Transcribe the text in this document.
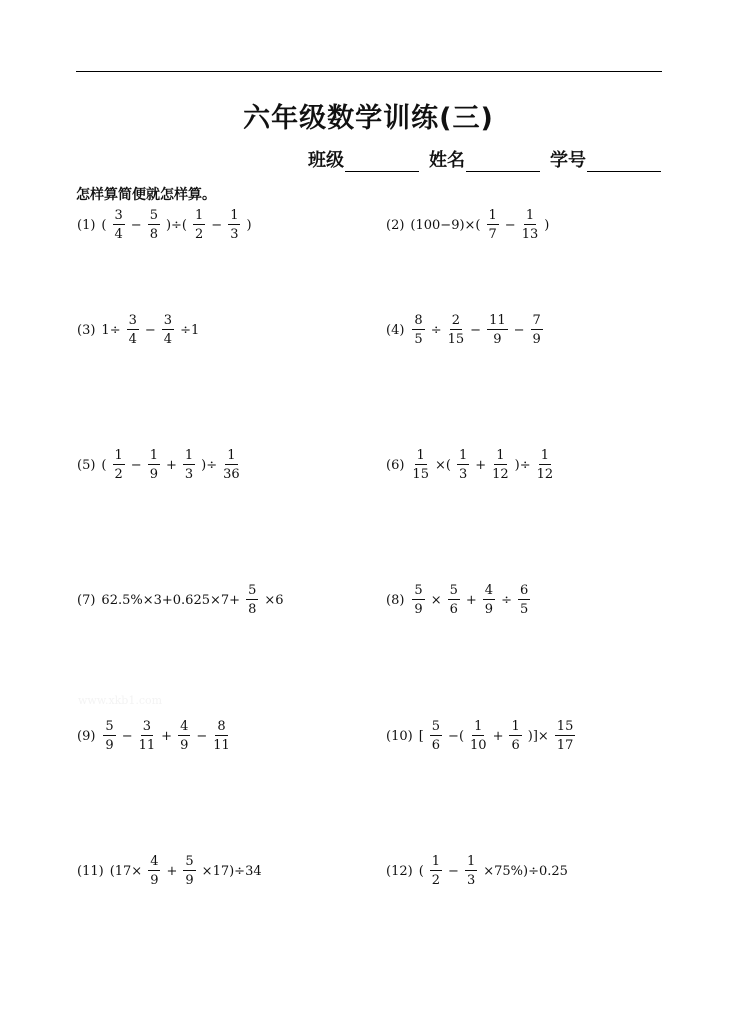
六年级数学训练(三)
班级	姓名	学号
怎样算简便就怎样算。
www.xkb1.com
(1) ( $\frac{3}{4} - \frac{5}{8}$ )÷( $\frac{1}{2} - \frac{1}{3}$ )	(2) $(100-9)\times( \frac{1}{7} - \frac{1}{13}$ )
(3) $1\div \frac{3}{4} - \frac{3}{4} \div 1$	$(4) \frac{8}{5} \div \frac{2}{15} - \frac{11}{9} - \frac{7}{9}$
(5) ( $\frac{1}{2} - \frac{1}{9} + \frac{1}{3}$ )÷ $\frac{1}{36}$	$(6) \frac{1}{15}$ ×( $\frac{1}{3} + \frac{1}{12}$ )÷ $\frac{1}{12}$
(7) $62.5\%\times 3+0.625\times 7+ \frac{5}{8} \times 6$	$(8) \frac{5}{9} \times \frac{5}{6} + \frac{4}{9} \div \frac{6}{5}$
$(9) \frac{5}{9} - \frac{3}{11} + \frac{4}{9} - \frac{8}{11}$	(10) [ $\frac{5}{6}$ −( $\frac{1}{10} + \frac{1}{6}$ )]× $\frac{15}{17}$
(11) $(17\times \frac{4}{9} + \frac{5}{9} \times 17)\div 34$	(12) ( $\frac{1}{2} - \frac{1}{3} \times 75\%)\div 0.25$
